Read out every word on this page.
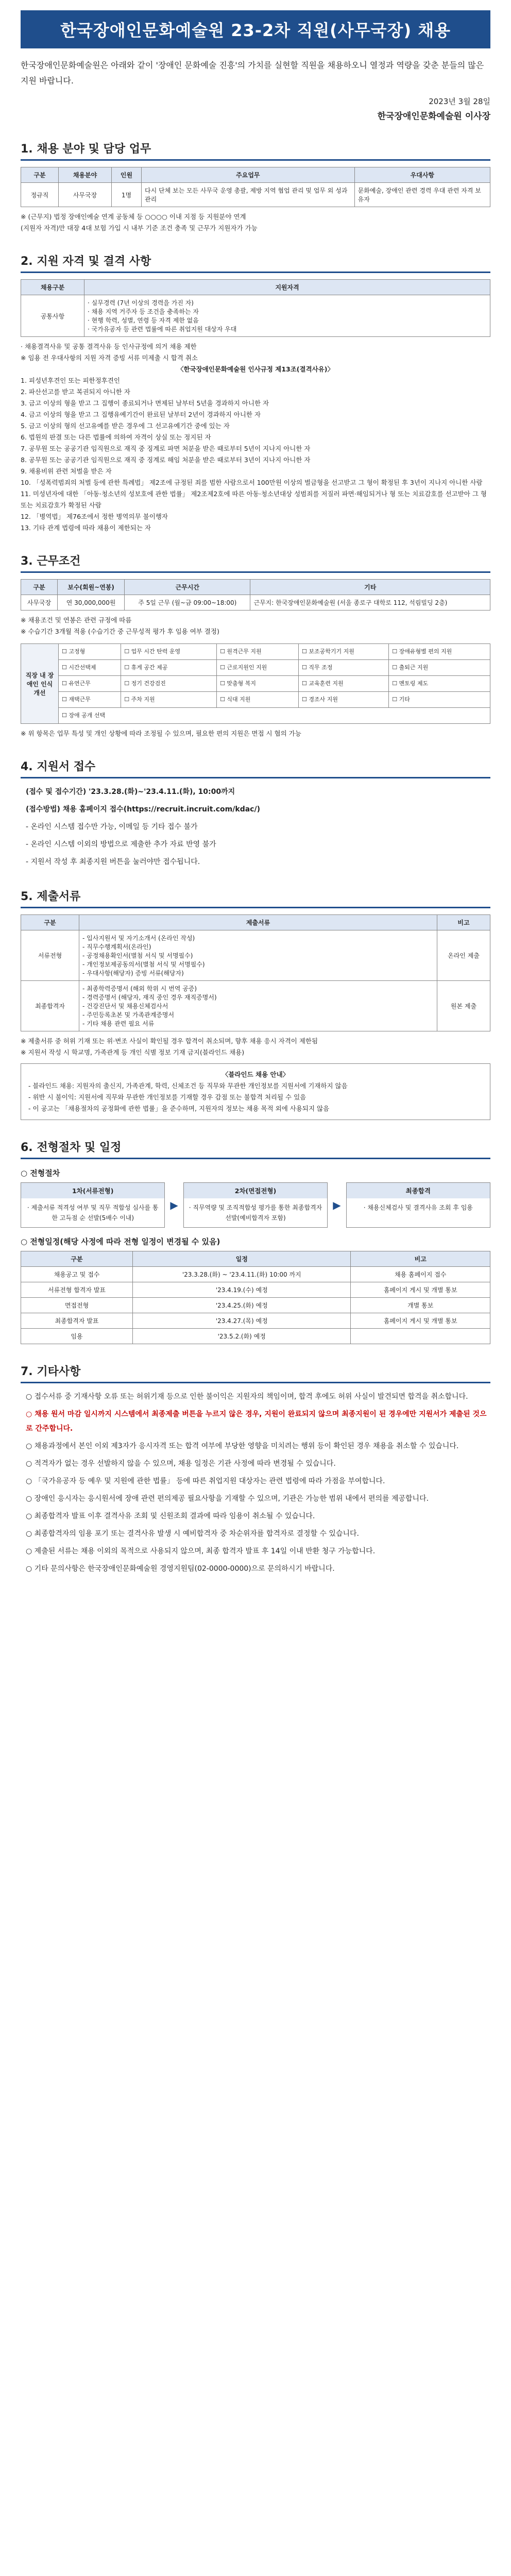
한국장애인문화예술원 23-2차 직원(사무국장) 채용
한국장애인문화예술원은 아래와 같이 '장애인 문화예술 진흥'의 가치를 실현할 직원을 채용하오니 열정과 역량을 갖춘 분들의 많은 지원 바랍니다.
2023년 3월 28일
한국장애인문화예술원 이사장
1. 채용 분야 및 담당 업무
구분	채용분야	인원	주요업무	우대사항
정규직	사무국장	1명	다시 단체 보는 모든 사무국 운영 총괄, 제방 지역 협업 관리 및 업무 외 성과 관리	문화예술, 장애인 관련 경력 우대 관련 자격 보유자
※ (근무지) 법정 장애인예술 연계 공동체 등 ○○○○ 이내 지점 등 지원분야 연계
(지원자 자격)만 대장 4대 보험 가입 시 내부 기준 조건 충족 및 근무가 지원자가 가능
2. 지원 자격 및 결격 사항
채용구분	지원자격
공통사항	· 실무경력 (7년 이상의 경력을 가진 자)
· 채용 지역 거주자 등 조건을 충족하는 자
· 현행 학력, 성별, 연령 등 자격 제한 없음
· 국가유공자 등 관련 법률에 따른 취업지원 대상자 우대
· 채용결격사유 및 공통 결격사유 등 인사규정에 의거 채용 제한
※ 임용 전 우대사항의 지원 자격 증빙 서류 미제출 시 합격 취소
〈한국장애인문화예술원 인사규정 제13조(결격사유)〉
1. 피성년후견인 또는 피한정후견인
2. 파산선고를 받고 복권되지 아니한 자
3. 금고 이상의 형을 받고 그 집행이 종료되거나 면제된 날부터 5년을 경과하지 아니한 자
4. 금고 이상의 형을 받고 그 집행유예기간이 완료된 날부터 2년이 경과하지 아니한 자
5. 금고 이상의 형의 선고유예를 받은 경우에 그 선고유예기간 중에 있는 자
6. 법원의 판결 또는 다른 법률에 의하여 자격이 상실 또는 정지된 자
7. 공무원 또는 공공기관 임직원으로 재직 중 징계로 파면 처분을 받은 때로부터 5년이 지나지 아니한 자
8. 공무원 또는 공공기관 임직원으로 재직 중 징계로 해임 처분을 받은 때로부터 3년이 지나지 아니한 자
9. 채용비위 관련 처벌을 받은 자
10. 「성폭력범죄의 처벌 등에 관한 특례법」 제2조에 규정된 죄를 범한 사람으로서 100만원 이상의 벌금형을 선고받고 그 형이 확정된 후 3년이 지나지 아니한 사람
11. 미성년자에 대한 「아동·청소년의 성보호에 관한 법률」 제2조제2호에 따른 아동·청소년대상 성범죄를 저질러 파면·해임되거나 형 또는 치료감호를 선고받아 그 형 또는 치료감호가 확정된 사람
12. 「병역법」 제76조에서 정한 병역의무 불이행자
13. 기타 관계 법령에 따라 채용이 제한되는 자
3. 근무조건
구분	보수(회원~연봉)	근무시간	기타
사무국장	연 30,000,000원	주 5일 근무 (월~금 09:00~18:00)	근무지: 한국장애인문화예술원 (서울 종로구 대학로 112, 석림빌딩 2층)
※ 채용조건 및 연봉은 관련 규정에 따름
※ 수습기간 3개월 적용 (수습기간 중 근무성적 평가 후 임용 여부 결정)
직장 내 장애인 인식개선	☐ 고정형	☐ 업무 시간 탄력 운영	☐ 원격근무 지원	☐ 보조공학기기 지원	☐ 장애유형별 편의 지원
	☐ 시간선택제	☐ 휴게 공간 제공	☐ 근로지원인 지원	☐ 직무 조정	☐ 출퇴근 지원
	☐ 유연근무	☐ 정기 건강검진	☐ 맞춤형 복지	☐ 교육훈련 지원	☐ 멘토링 제도
	☐ 재택근무	☐ 주차 지원	☐ 식대 지원	☐ 경조사 지원	☐ 기타
	☐ 장애 공개 선택				
※ 위 항목은 업무 특성 및 개인 상황에 따라 조정될 수 있으며, 필요한 편의 지원은 면접 시 협의 가능
4. 지원서 접수
(접수 및 접수기간) '23.3.28.(화)~'23.4.11.(화), 10:00까지
(접수방법) 채용 홈페이지 접수(https://recruit.incruit.com/kdac/)
- 온라인 시스템 접수만 가능, 이메일 등 기타 접수 불가
- 온라인 시스템 이외의 방법으로 제출한 추가 자료 반영 불가
- 지원서 작성 후 최종지원 버튼을 눌러야만 접수됩니다.
5. 제출서류
구분	제출서류	비고
서류전형	- 입사지원서 및 자기소개서 (온라인 작성)
- 직무수행계획서(온라인)
- 공정채용확인서(별첨 서식 및 서명필수)
- 개인정보제공동의서(별첨 서식 및 서명필수)
- 우대사항(해당자) 증빙 서류(해당자)	온라인 제출
최종합격자	- 최종학력증명서 (해외 학위 시 번역 공증)
- 경력증명서 (해당자, 재직 중인 경우 재직증명서)
- 건강진단서 및 채용신체검사서
- 주민등록초본 및 가족관계증명서
- 기타 채용 관련 필요 서류	원본 제출
※ 제출서류 중 허위 기재 또는 위·변조 사실이 확인될 경우 합격이 취소되며, 향후 채용 응시 자격이 제한됨
※ 지원서 작성 시 학교명, 가족관계 등 개인 식별 정보 기재 금지(블라인드 채용)
〈블라인드 채용 안내〉
- 블라인드 채용: 지원자의 출신지, 가족관계, 학력, 신체조건 등 직무와 무관한 개인정보를 지원서에 기재하지 않음
- 위반 시 불이익: 지원서에 직무와 무관한 개인정보를 기재할 경우 감점 또는 불합격 처리될 수 있음
- 이 공고는 「채용절차의 공정화에 관한 법률」을 준수하며, 지원자의 정보는 채용 목적 외에 사용되지 않음
6. 전형절차 및 일정
○ 전형절차
1차(서류전형)
· 제출서류 적격성 여부 및 직무 적합성 심사를 통한 고득점 순 선발(5배수 이내)
▶
2차(면접전형)
· 직무역량 및 조직적합성 평가를 통한 최종합격자 선발(예비합격자 포함)
▶
최종합격
· 채용신체검사 및 결격사유 조회 후 임용
○ 전형일정(해당 사정에 따라 전형 일정이 변경될 수 있음)
구분	일정	비고
채용공고 및 접수	'23.3.28.(화) ~ '23.4.11.(화) 10:00 까지	채용 홈페이지 접수
서류전형 합격자 발표	'23.4.19.(수) 예정	홈페이지 게시 및 개별 통보
면접전형	'23.4.25.(화) 예정	개별 통보
최종합격자 발표	'23.4.27.(목) 예정	홈페이지 게시 및 개별 통보
임용	'23.5.2.(화) 예정	
7. 기타사항
○ 접수서류 중 기재사항 오류 또는 허위기재 등으로 인한 불이익은 지원자의 책임이며, 합격 후에도 허위 사실이 발견되면 합격을 취소합니다.
○ 채용 원서 마감 일시까지 시스템에서 최종제출 버튼을 누르지 않은 경우, 지원이 완료되지 않으며 최종지원이 된 경우에만 지원서가 제출된 것으로 간주합니다.
○ 채용과정에서 본인 이외 제3자가 응시자격 또는 합격 여부에 부당한 영향을 미치려는 행위 등이 확인된 경우 채용을 취소할 수 있습니다.
○ 적격자가 없는 경우 선발하지 않을 수 있으며, 채용 일정은 기관 사정에 따라 변경될 수 있습니다.
○ 「국가유공자 등 예우 및 지원에 관한 법률」 등에 따른 취업지원 대상자는 관련 법령에 따라 가점을 부여합니다.
○ 장애인 응시자는 응시원서에 장애 관련 편의제공 필요사항을 기재할 수 있으며, 기관은 가능한 범위 내에서 편의를 제공합니다.
○ 최종합격자 발표 이후 결격사유 조회 및 신원조회 결과에 따라 임용이 취소될 수 있습니다.
○ 최종합격자의 임용 포기 또는 결격사유 발생 시 예비합격자 중 차순위자를 합격자로 결정할 수 있습니다.
○ 제출된 서류는 채용 이외의 목적으로 사용되지 않으며, 최종 합격자 발표 후 14일 이내 반환 청구 가능합니다.
○ 기타 문의사항은 한국장애인문화예술원 경영지원팀(02-0000-0000)으로 문의하시기 바랍니다.
